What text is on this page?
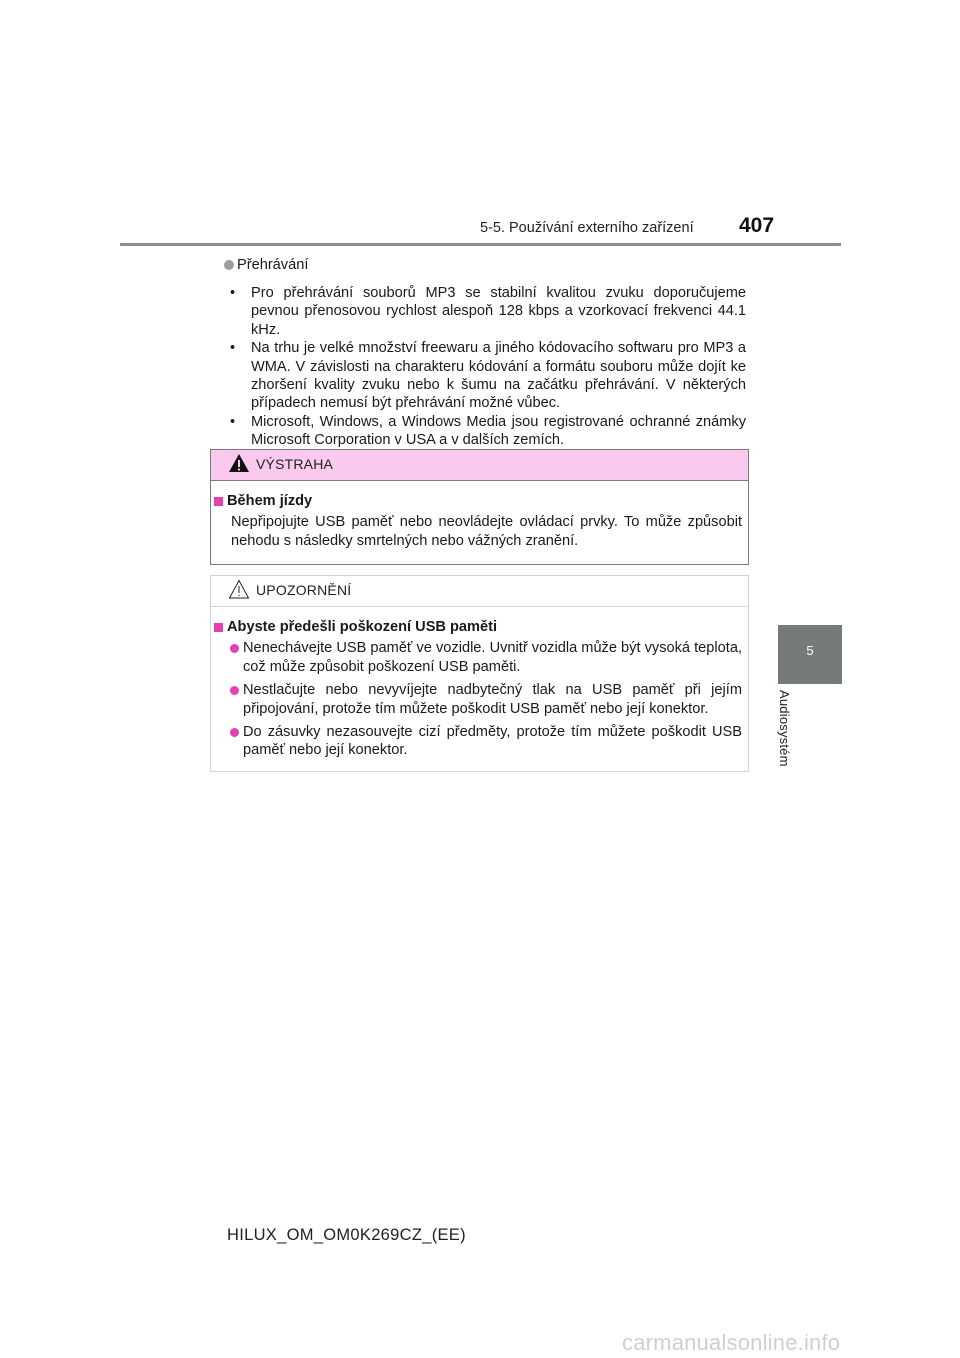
5-5. Používání externího zařízení 407
5
Audiosystém
Přehrávání
• Pro přehrávání souborů MP3 se stabilní kvalitou zvuku doporučujeme pevnou přenosovou rychlost alespoň 128 kbps a vzorkovací frekvenci 44.1 kHz.
• Na trhu je velké množství freewaru a jiného kódovacího softwaru pro MP3 a WMA. V závislosti na charakteru kódování a formátu souboru může dojít ke zhoršení kvality zvuku nebo k šumu na začátku přehrávání. V některých případech nemusí být přehrávání možné vůbec.
• Microsoft, Windows, a Windows Media jsou registrované ochranné známky Microsoft Corporation v USA a v dalších zemích.
VÝSTRAHA
Během jízdy
Nepřipojujte USB paměť nebo neovládejte ovládací prvky. To může způsobit nehodu s následky smrtelných nebo vážných zranění.
UPOZORNĚNÍ
Abyste předešli poškození USB paměti
Nenechávejte USB paměť ve vozidle. Uvnitř vozidla může být vysoká teplota, což může způsobit poškození USB paměti.
Nestlačujte nebo nevyvíjejte nadbytečný tlak na USB paměť při jejím připojování, protože tím můžete poškodit USB paměť nebo její konektor.
Do zásuvky nezasouvejte cizí předměty, protože tím můžete poškodit USB paměť nebo její konektor.
HILUX_OM_OM0K269CZ_(EE)
carmanualsonline.info
